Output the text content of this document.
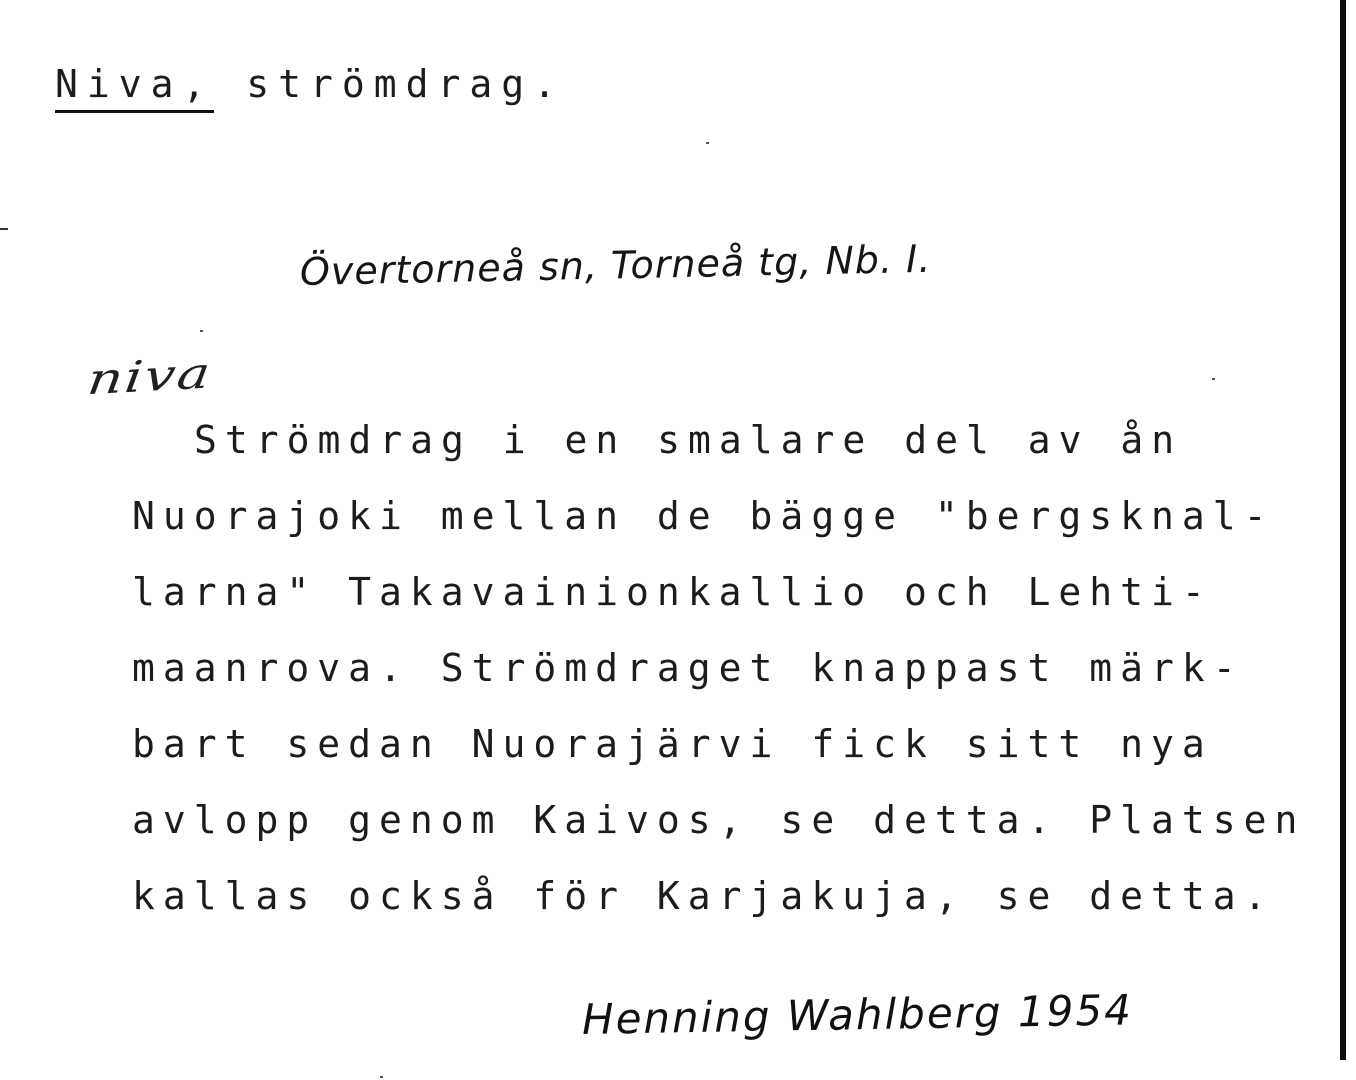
Niva, strömdrag.
Övertorneå sn, Torneå tg, Nb. I.
niva
Strömdrag i en smalare del av ån
Nuorajoki mellan de bägge "bergsknal-
larna" Takavainionkallio och Lehti-
maanrova. Strömdraget knappast märk-
bart sedan Nuorajärvi fick sitt nya
avlopp genom Kaivos, se detta. Platsen
kallas också för Karjakuja, se detta.
Henning Wahlberg 1954
